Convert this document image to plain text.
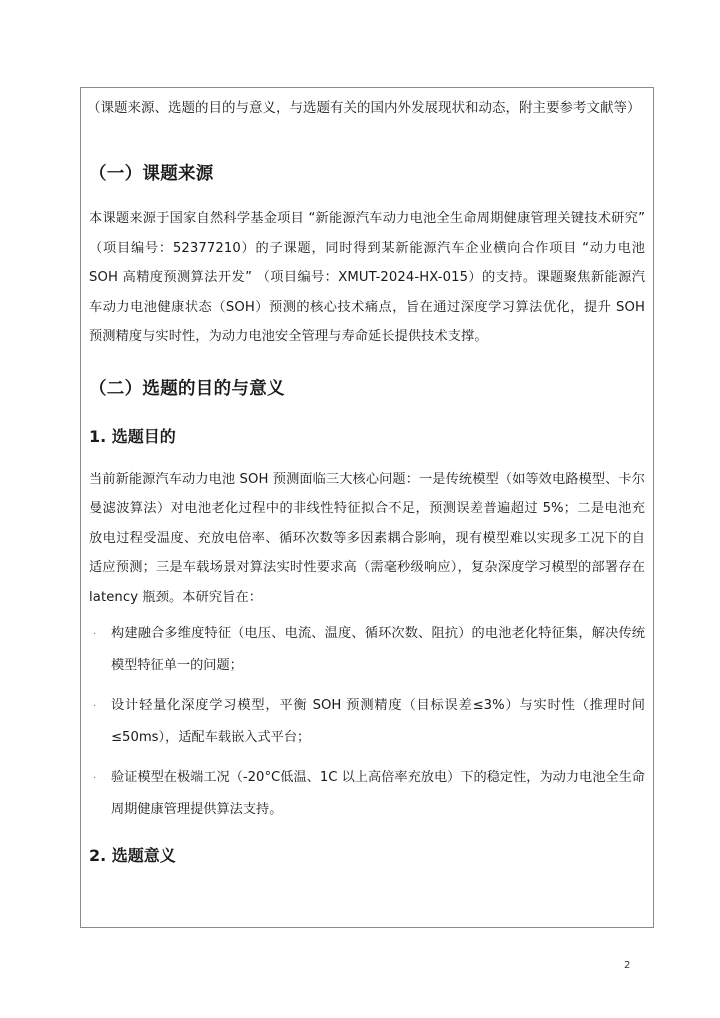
（课题来源、选题的目的与意义，与选题有关的国内外发展现状和动态，附主要参考文献等）

（一）课题来源

本课题来源于国家自然科学基金项目 “新能源汽车动力电池全生命周期健康管理关键技术研究” （项目编号：52377210）的子课题，同时得到某新能源汽车企业横向合作项目 “动力电池 SOH 高精度预测算法开发” （项目编号：XMUT-2024-HX-015）的支持。课题聚焦新能源汽车动力电池健康状态（SOH）预测的核心技术痛点，旨在通过深度学习算法优化，提升 SOH 预测精度与实时性，为动力电池安全管理与寿命延长提供技术支撑。

（二）选题的目的与意义
1. 选题目的

当前新能源汽车动力电池 SOH 预测面临三大核心问题：一是传统模型（如等效电路模型、卡尔曼滤波算法）对电池老化过程中的非线性特征拟合不足，预测误差普遍超过 5%；二是电池充放电过程受温度、充放电倍率、循环次数等多因素耦合影响，现有模型难以实现多工况下的自适应预测；三是车载场景对算法实时性要求高（需毫秒级响应），复杂深度学习模型的部署存在 latency 瓶颈。本研究旨在：

· 构建融合多维度特征（电压、电流、温度、循环次数、阻抗）的电池老化特征集，解决传统模型特征单一的问题；
· 设计轻量化深度学习模型，平衡 SOH 预测精度（目标误差≤3%）与实时性（推理时间≤50ms），适配车载嵌入式平台；
· 验证模型在极端工况（-20°C低温、1C 以上高倍率充放电）下的稳定性，为动力电池全生命周期健康管理提供算法支持。
2. 选题意义
2
